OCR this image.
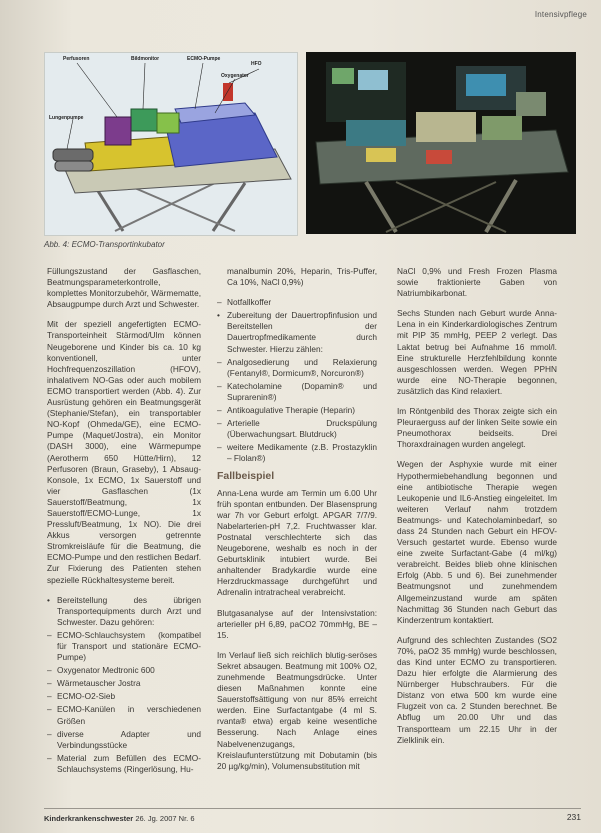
Intensivpflege
Perfusoren	Bildmonitor	ECMO-Pumpe
HFO
Oxygenator
Lungenpumpe
Abb. 4: ECMO-Transportinkubator

Füllungszustand der Gasflaschen, Beatmungsparameterkontrolle, komplettes Monitorzubehör, Wärmematte, Absaugpumpe durch Arzt und Schwester.

Mit der speziell angefertigten ECMO-Transporteinheit Stärmod/Ulm können Neugeborene und Kinder bis ca. 10 kg konventionell, unter Hochfrequenzoszillation (HFOV), inhalativem NO-Gas oder auch mobilem ECMO transportiert werden (Abb. 4). Zur Ausrüstung gehören ein Beatmungsgerät (Stephanie/Stefan), ein transportabler NO-Kopf (Ohmeda/GE), eine ECMO-Pumpe (Maquet/Jostra), ein Monitor (DASH 3000), eine Wärmepumpe (Aerotherm 650 Hütte/Hirn), 12 Perfusoren (Braun, Graseby), 1 Absaug-Konsole, 1x ECMO, 1x Sauerstoff und vier Gasflaschen (1x Sauerstoff/Beatmung, 1x Sauerstoff/ECMO-Lunge, 1x Pressluft/Beatmung, 1x NO). Die drei Akkus versorgen getrennte Stromkreisläufe für die Beatmung, die ECMO-Pumpe und den restlichen Bedarf. Zur Fixierung des Patienten stehen spezielle Rückhaltesysteme bereit.

• Bereitstellung des übrigen Transportequipments durch Arzt und Schwester. Dazu gehören:
– ECMO-Schlauchsystem (kompatibel für Transport und stationäre ECMO-Pumpe)
– Oxygenator Medtronic 600
– Wärmetauscher Jostra
– ECMO-O2-Sieb
– ECMO-Kanülen in verschiedenen Größen
– diverse Adapter und Verbindungsstücke
– Material zum Befüllen des ECMO-Schlauchsystems (Ringerlösung, Hu-

manalbumin 20%, Heparin, Tris-Puffer, Ca 10%, NaCl 0,9%)

– Notfallkoffer
• Zubereitung der Dauertropfinfusion und Bereitstellen der Dauertropfmedikamente durch Schwester. Hierzu zählen:
– Analgosedierung und Relaxierung (Fentanyl®, Dormicum®, Norcuron®)
– Katecholamine (Dopamin® und Suprarenin®)
– Antikoagulative Therapie (Heparin)
– Arterielle Druckspülung (Überwachungsart. Blutdruck)
– weitere Medikamente (z.B. Prostazyklin – Flolan®)
Fallbeispiel

Anna-Lena wurde am Termin um 6.00 Uhr früh spontan entbunden. Der Blasensprung war 7h vor Geburt erfolgt. APGAR 7/7/9. Nabelarterien-pH 7,2. Fruchtwasser klar. Postnatal verschlechterte sich das Neugeborene, weshalb es noch in der Geburtsklinik intubiert wurde. Bei anhaltender Bradykardie wurde eine Herzdruckmassage durchgeführt und Adrenalin intratracheal verabreicht.

Blutgasanalyse auf der Intensivstation: arterieller pH 6,89, paCO2 70mmHg, BE –15.

Im Verlauf ließ sich reichlich blutig-seröses Sekret absaugen. Beatmung mit 100% O2, zunehmende Beatmungsdrücke. Unter diesen Maßnahmen konnte eine Sauerstoffsättigung von nur 85% erreicht werden. Eine Surfactantgabe (4 ml S. rvanta® etwa) ergab keine wesentliche Besserung. Nach Anlage eines Nabelvenenzugangs, Kreislaufunterstützung mit Dobutamin (bis 20 µg/kg/min), Volumensubstitution mit

NaCl 0,9% und Fresh Frozen Plasma sowie fraktionierte Gaben von Natriumbikarbonat.

Sechs Stunden nach Geburt wurde Anna-Lena in ein Kinderkardiologisches Zentrum mit PIP 35 mmHg, PEEP 2 verlegt. Das Laktat betrug bei Aufnahme 16 mmol/l. Eine strukturelle Herzfehlbildung konnte ausgeschlossen werden. Wegen PPHN wurde eine NO-Therapie begonnen, zusätzlich das Kind relaxiert.

Im Röntgenbild des Thorax zeigte sich ein Pleuraerguss auf der linken Seite sowie ein Pneumothorax beidseits. Drei Thoraxdrainagen wurden angelegt.

Wegen der Asphyxie wurde mit einer Hypothermiebehandlung begonnen und eine antibiotische Therapie wegen Leukopenie und IL6-Anstieg eingeleitet. Im weiteren Verlauf nahm trotzdem Beatmungs- und Katecholaminbedarf, so dass 24 Stunden nach Geburt ein HFOV-Versuch gestartet wurde. Ebenso wurde eine zweite Surfactant-Gabe (4 ml/kg) verabreicht. Beides blieb ohne klinischen Erfolg (Abb. 5 und 6). Bei zunehmender Beatmungsnot und zunehmendem Allgemeinzustand wurde am späten Nachmittag 36 Stunden nach Geburt das Kinderzentrum kontaktiert.

Aufgrund des schlechten Zustandes (SO2 70%, paO2 35 mmHg) wurde beschlossen, das Kind unter ECMO zu transportieren. Dazu hier erfolgte die Alarmierung des Nürnberger Hubschraubers. Für die Distanz von etwa 500 km wurde eine Flugzeit von ca. 2 Stunden berechnet. Be Abflug um 20.00 Uhr und das Transportteam um 22.15 Uhr in der Zielklinik ein.

Kinderkrankenschwester 26. Jg. 2007 Nr. 6	231
